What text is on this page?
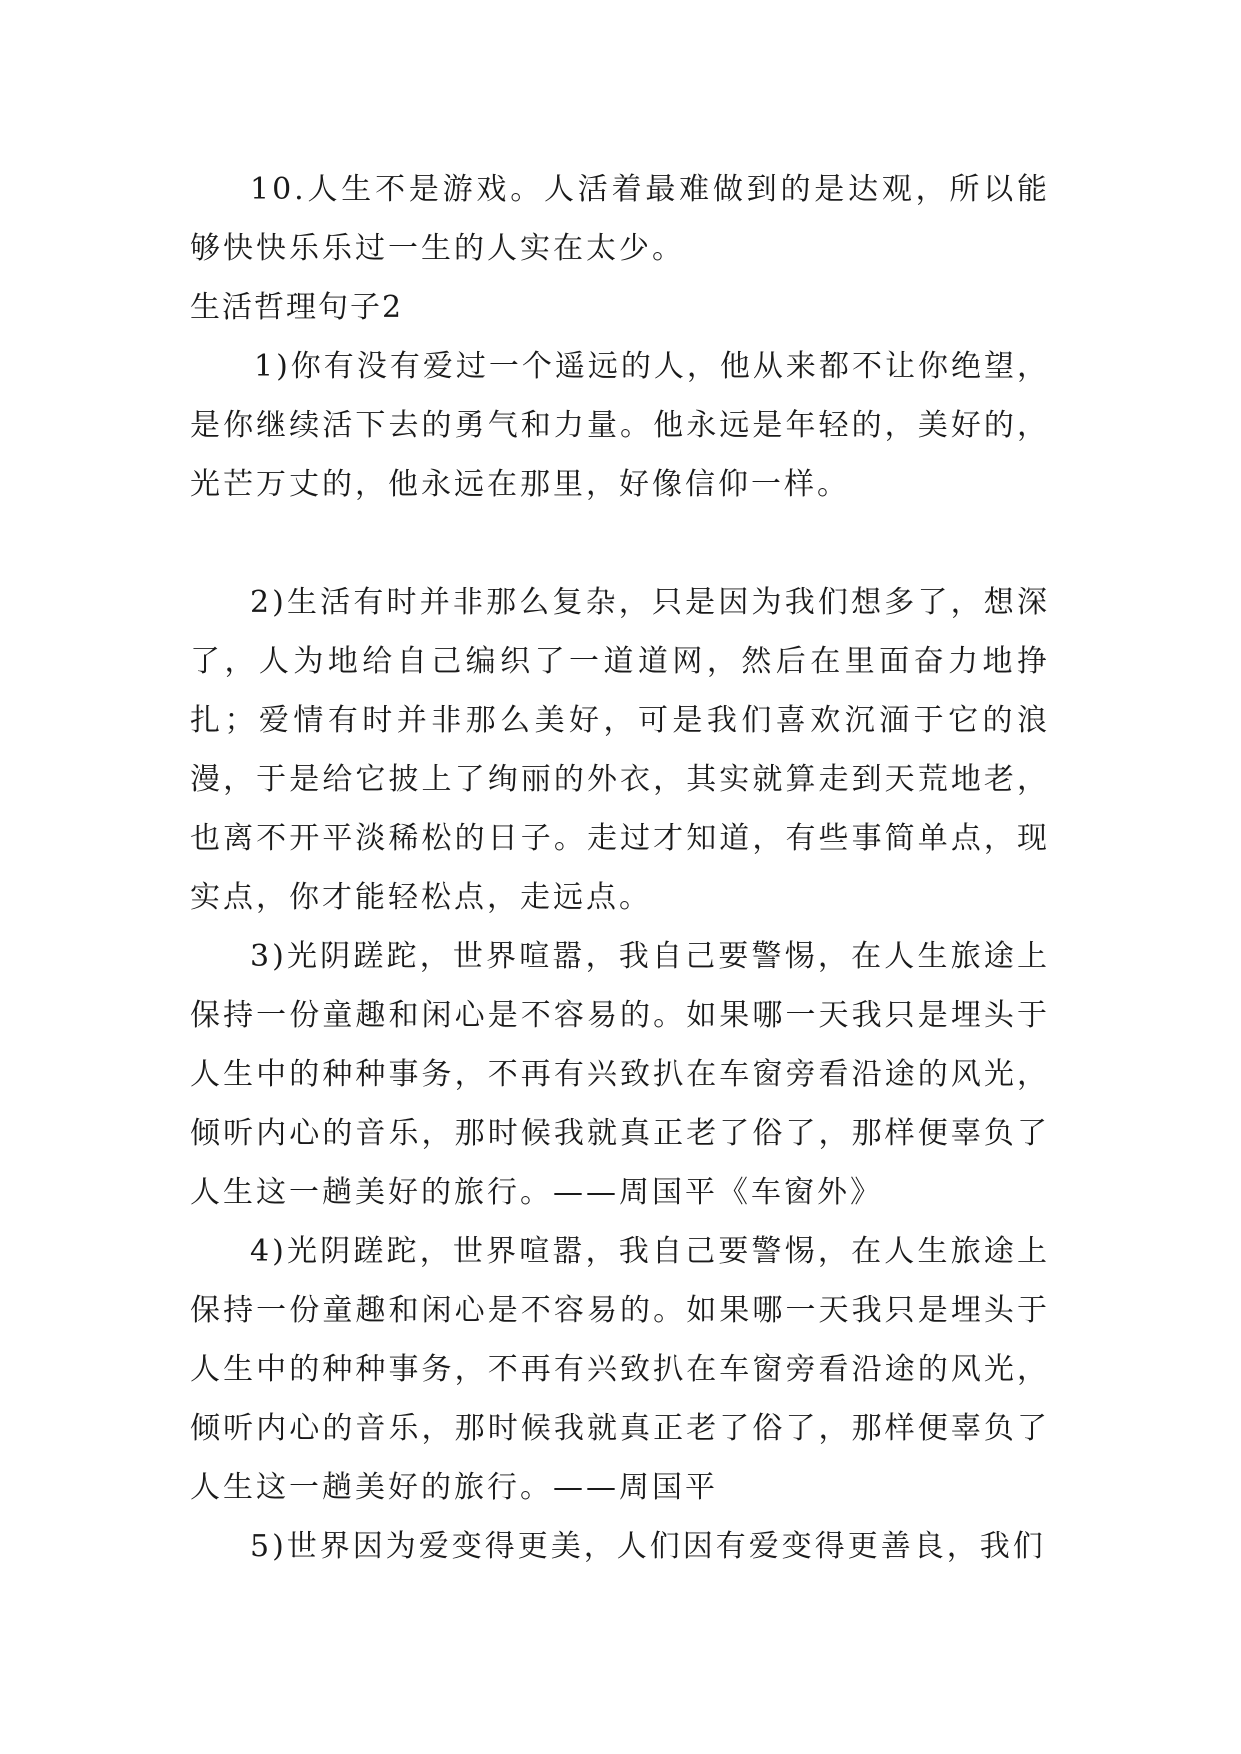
10.人生不是游戏。人活着最难做到的是达观，所以能够快快乐乐过一生的人实在太少。

生活哲理句子2

1)你有没有爱过一个遥远的人，他从来都不让你绝望，是你继续活下去的勇气和力量。他永远是年轻的，美好的，光芒万丈的，他永远在那里，好像信仰一样。

2)生活有时并非那么复杂，只是因为我们想多了，想深了，人为地给自己编织了一道道网，然后在里面奋力地挣扎；爱情有时并非那么美好，可是我们喜欢沉湎于它的浪漫，于是给它披上了绚丽的外衣，其实就算走到天荒地老，也离不开平淡稀松的日子。走过才知道，有些事简单点，现实点，你才能轻松点，走远点。

3)光阴蹉跎，世界喧嚣，我自己要警惕，在人生旅途上保持一份童趣和闲心是不容易的。如果哪一天我只是埋头于人生中的种种事务，不再有兴致扒在车窗旁看沿途的风光，倾听内心的音乐，那时候我就真正老了俗了，那样便辜负了人生这一趟美好的旅行。——周国平《车窗外》

4)光阴蹉跎，世界喧嚣，我自己要警惕，在人生旅途上保持一份童趣和闲心是不容易的。如果哪一天我只是埋头于人生中的种种事务，不再有兴致扒在车窗旁看沿途的风光，倾听内心的音乐，那时候我就真正老了俗了，那样便辜负了人生这一趟美好的旅行。——周国平

5)世界因为爱变得更美，人们因有爱变得更善良，我们
